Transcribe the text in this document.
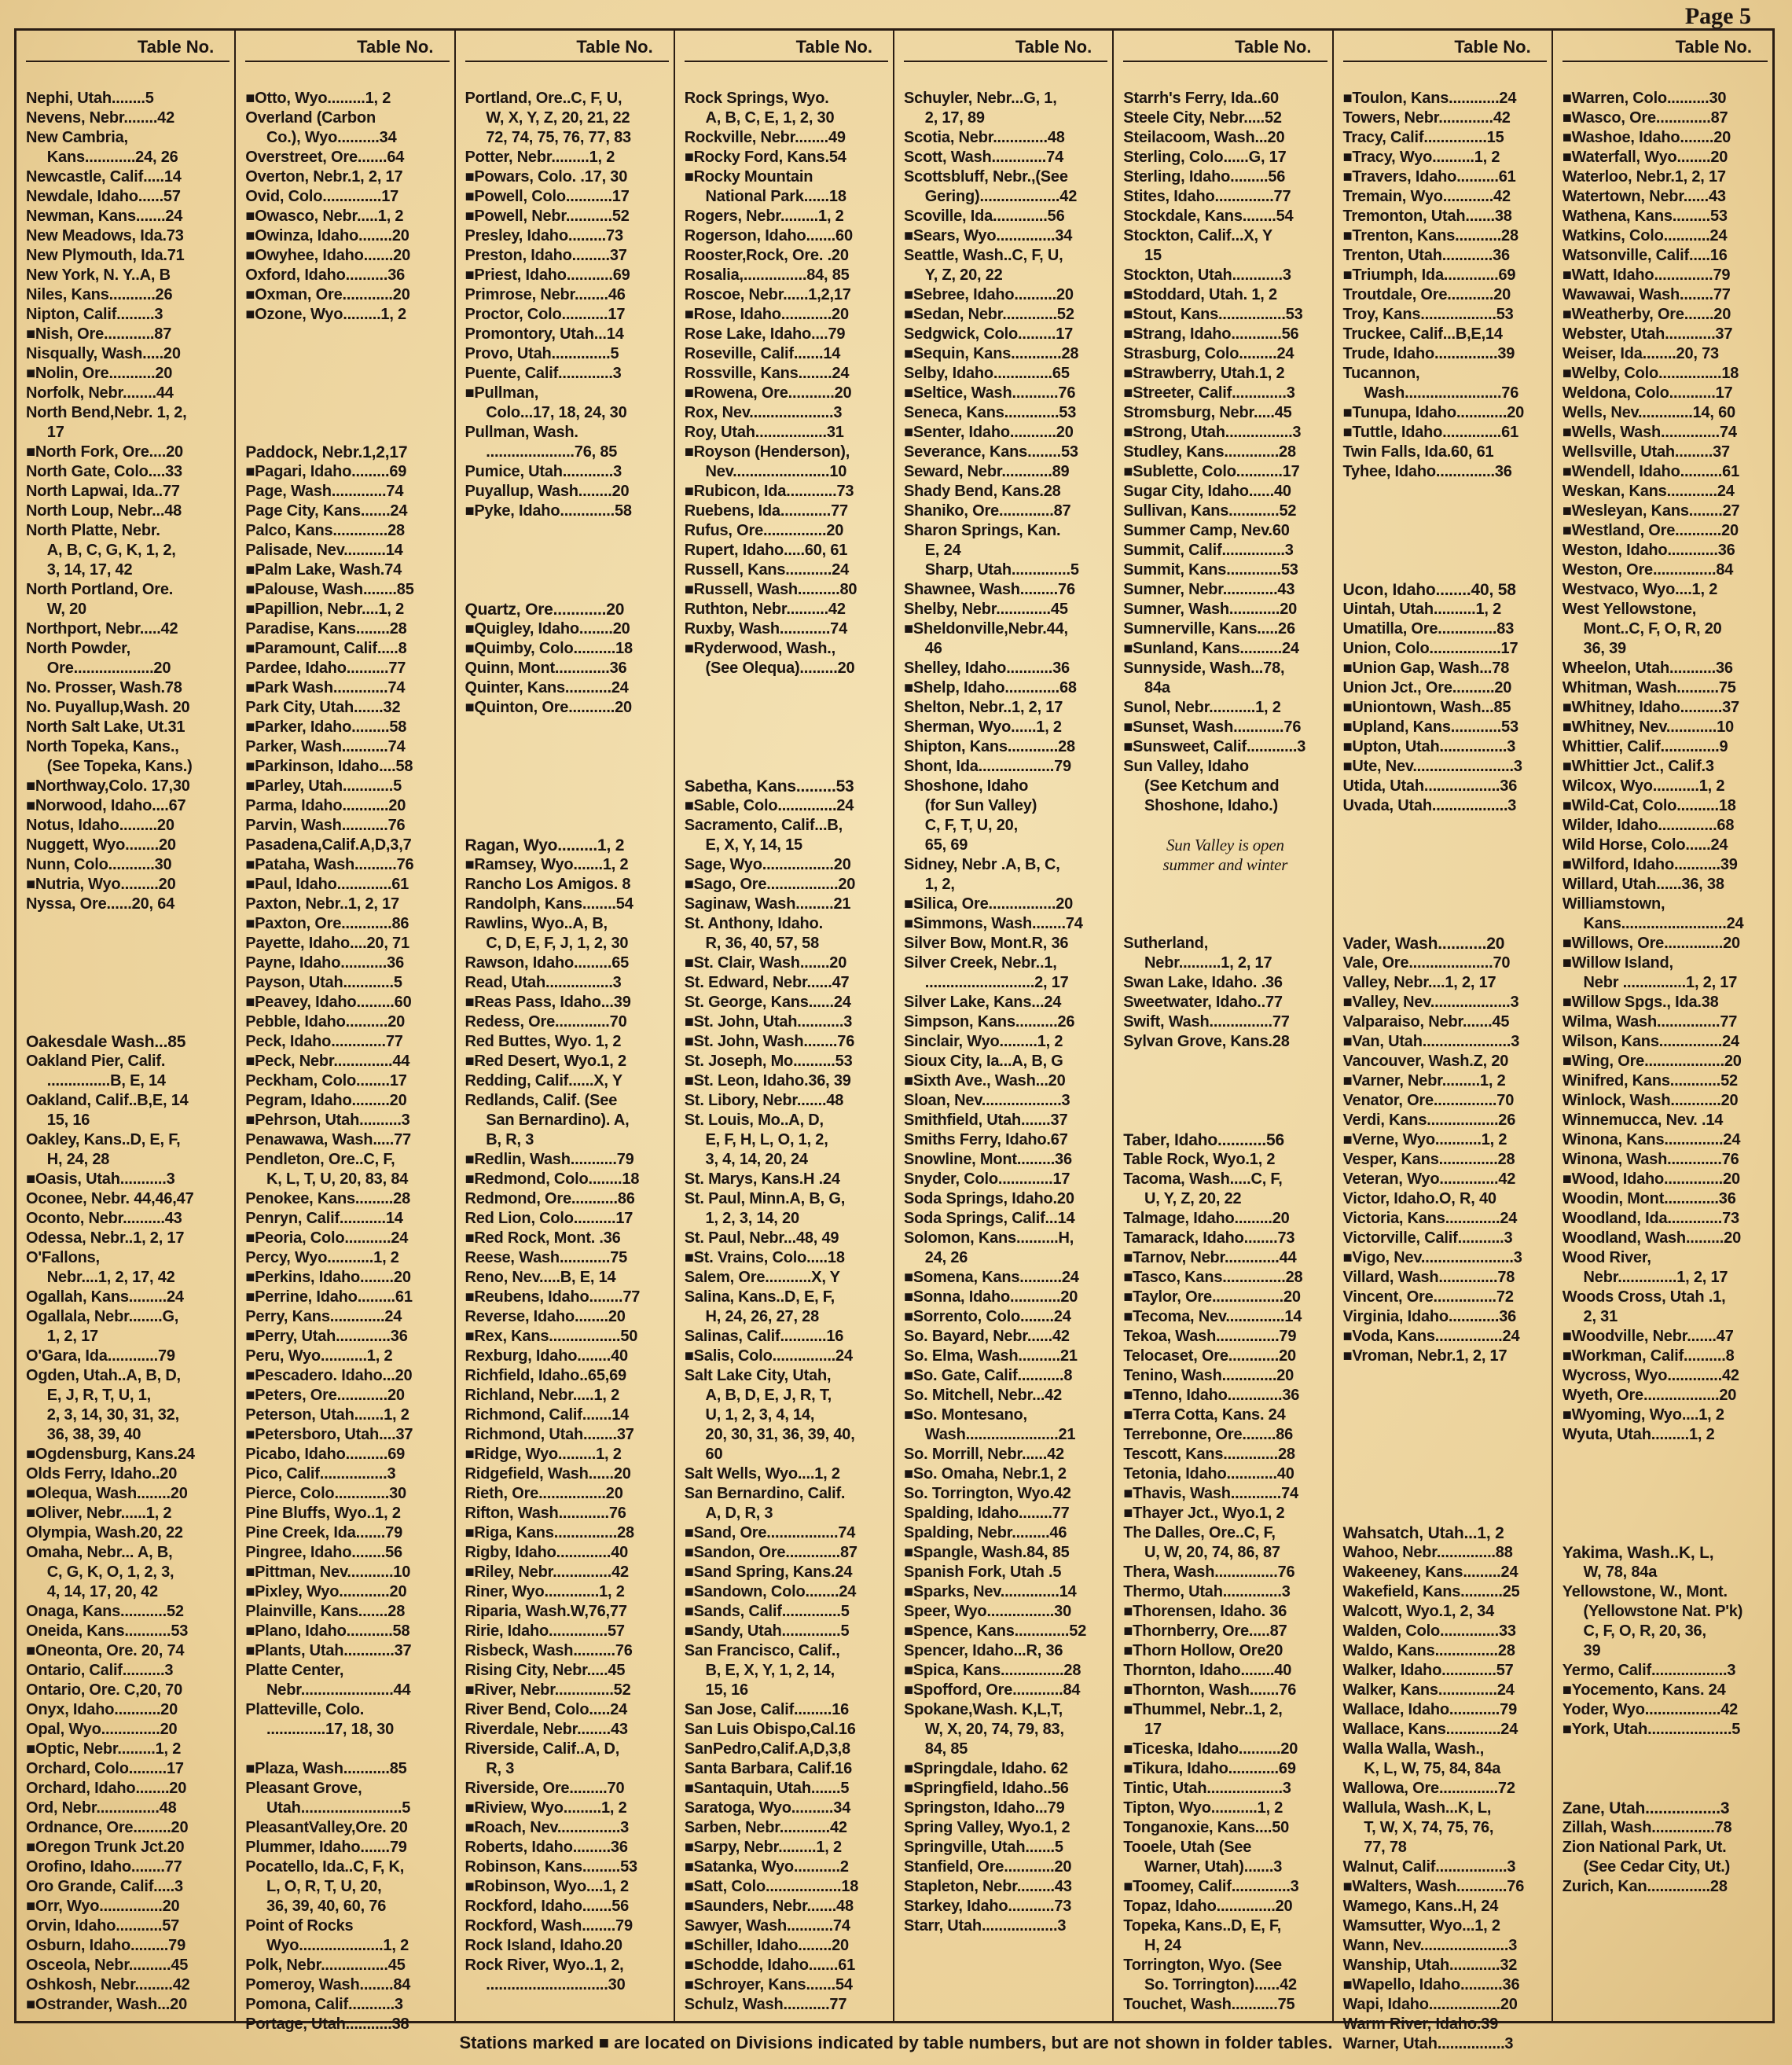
Page 5
Table No.
Nephi, Utah........5
Nevens, Nebr........42
New Cambria,
Kans............24, 26
Newcastle, Calif.....14
Newdale, Idaho......57
Newman, Kans.......24
New Meadows, Ida.73
New Plymouth, Ida.71
New York, N. Y..A, B
Niles, Kans...........26
Nipton, Calif.........3
■Nish, Ore............87
Nisqually, Wash.....20
■Nolin, Ore...........20
Norfolk, Nebr........44
North Bend,Nebr. 1, 2,
17
■North Fork, Ore....20
North Gate, Colo....33
North Lapwai, Ida..77
North Loup, Nebr...48
North Platte, Nebr.
A, B, C, G, K, 1, 2,
3, 14, 17, 42
North Portland, Ore.
W, 20
Northport, Nebr.....42
North Powder,
Ore...................20
No. Prosser, Wash.78
No. Puyallup,Wash. 20
North Salt Lake, Ut.31
North Topeka, Kans.,
(See Topeka, Kans.)
■Northway,Colo. 17,30
■Norwood, Idaho....67
Notus, Idaho.........20
Nuggett, Wyo........20
Nunn, Colo...........30
■Nutria, Wyo.........20
Nyssa, Ore......20, 64
Oakesdale Wash...85
Oakland Pier, Calif.
...............B, E, 14
Oakland, Calif..B,E, 14
15, 16
Oakley, Kans..D, E, F,
H, 24, 28
■Oasis, Utah...........3
Oconee, Nebr. 44,46,47
Oconto, Nebr..........43
Odessa, Nebr..1, 2, 17
O'Fallons,
Nebr....1, 2, 17, 42
Ogallah, Kans.........24
Ogallala, Nebr........G,
1, 2, 17
O'Gara, Ida............79
Ogden, Utah..A, B, D,
E, J, R, T, U, 1,
2, 3, 14, 30, 31, 32,
36, 38, 39, 40
■Ogdensburg, Kans.24
Olds Ferry, Idaho..20
■Olequa, Wash........20
■Oliver, Nebr......1, 2
Olympia, Wash.20, 22
Omaha, Nebr... A, B,
C, G, K, O, 1, 2, 3,
4, 14, 17, 20, 42
Onaga, Kans...........52
Oneida, Kans...........53
■Oneonta, Ore. 20, 74
Ontario, Calif..........3
Ontario, Ore. C,20, 70
Onyx, Idaho...........20
Opal, Wyo..............20
■Optic, Nebr.........1, 2
Orchard, Colo.........17
Orchard, Idaho........20
Ord, Nebr...............48
Ordnance, Ore.........20
■Oregon Trunk Jct.20
Orofino, Idaho........77
Oro Grande, Calif.....3
■Orr, Wyo...............20
Orvin, Idaho...........57
Osburn, Idaho.........79
Osceola, Nebr..........45
Oshkosh, Nebr.........42
■Ostrander, Wash...20
Table No.
■Otto, Wyo.........1, 2
Overland (Carbon
Co.), Wyo..........34
Overstreet, Ore.......64
Overton, Nebr.1, 2, 17
Ovid, Colo..............17
■Owasco, Nebr.....1, 2
■Owinza, Idaho........20
■Owyhee, Idaho.......20
Oxford, Idaho..........36
■Oxman, Ore............20
■Ozone, Wyo.........1, 2
Paddock, Nebr.1,2,17
■Pagari, Idaho.........69
Page, Wash.............74
Page City, Kans.......24
Palco, Kans.............28
Palisade, Nev..........14
■Palm Lake, Wash.74
■Palouse, Wash........85
■Papillion, Nebr....1, 2
Paradise, Kans........28
■Paramount, Calif.....8
Pardee, Idaho..........77
■Park Wash.............74
Park City, Utah.......32
■Parker, Idaho.........58
Parker, Wash...........74
■Parkinson, Idaho....58
■Parley, Utah............5
Parma, Idaho...........20
Parvin, Wash...........76
Pasadena,Calif.A,D,3,7
■Pataha, Wash..........76
■Paul, Idaho.............61
Paxton, Nebr..1, 2, 17
■Paxton, Ore............86
Payette, Idaho....20, 71
Payne, Idaho...........36
Payson, Utah............5
■Peavey, Idaho.........60
Pebble, Idaho..........20
Peck, Idaho.............77
■Peck, Nebr..............44
Peckham, Colo........17
Pegram, Idaho.........20
■Pehrson, Utah..........3
Penawawa, Wash.....77
Pendleton, Ore..C, F,
K, L, T, U, 20, 83, 84
Penokee, Kans.........28
Penryn, Calif...........14
■Peoria, Colo...........24
Percy, Wyo...........1, 2
■Perkins, Idaho........20
■Perrine, Idaho.........61
Perry, Kans.............24
■Perry, Utah.............36
Peru, Wyo...........1, 2
■Pescadero. Idaho...20
■Peters, Ore............20
Peterson, Utah.......1, 2
■Petersboro, Utah....37
Picabo, Idaho..........69
Pico, Calif................3
Pierce, Colo.............30
Pine Bluffs, Wyo..1, 2
Pine Creek, Ida.......79
Pingree, Idaho........56
■Pittman, Nev...........10
■Pixley, Wyo............20
Plainville, Kans.......28
■Plano, Idaho...........58
■Plants, Utah............37
Platte Center,
Nebr......................44
Platteville, Colo.
..............17, 18, 30
■Plaza, Wash...........85
Pleasant Grove,
Utah........................5
PleasantValley,Ore. 20
Plummer, Idaho.......79
Pocatello, Ida..C, F, K,
L, O, R, T, U, 20,
36, 39, 40, 60, 76
Point of Rocks
Wyo....................1, 2
Polk, Nebr................45
Pomeroy, Wash........84
Pomona, Calif...........3
Portage, Utah...........38
Table No.
Portland, Ore..C, F, U,
W, X, Y, Z, 20, 21, 22
72, 74, 75, 76, 77, 83
Potter, Nebr.........1, 2
■Powars, Colo. .17, 30
■Powell, Colo...........17
■Powell, Nebr...........52
Presley, Idaho.........73
Preston, Idaho.........37
■Priest, Idaho...........69
Primrose, Nebr........46
Proctor, Colo...........17
Promontory, Utah...14
Provo, Utah..............5
Puente, Calif.............3
■Pullman,
Colo...17, 18, 24, 30
Pullman, Wash.
.....................76, 85
Pumice, Utah............3
Puyallup, Wash........20
■Pyke, Idaho.............58
Quartz, Ore............20
■Quigley, Idaho........20
■Quimby, Colo..........18
Quinn, Mont.............36
Quinter, Kans...........24
■Quinton, Ore...........20
Ragan, Wyo.........1, 2
■Ramsey, Wyo.......1, 2
Rancho Los Amigos. 8
Randolph, Kans........54
Rawlins, Wyo..A, B,
C, D, E, F, J, 1, 2, 30
Rawson, Idaho.........65
Read, Utah................3
■Reas Pass, Idaho...39
Redess, Ore.............70
Red Buttes, Wyo. 1, 2
■Red Desert, Wyo.1, 2
Redding, Calif......X, Y
Redlands, Calif. (See
San Bernardino). A,
B, R, 3
■Redlin, Wash...........79
■Redmond, Colo........18
Redmond, Ore...........86
Red Lion, Colo..........17
■Red Rock, Mont. .36
Reese, Wash............75
Reno, Nev.....B, E, 14
■Reubens, Idaho........77
Reverse, Idaho........20
■Rex, Kans.................50
Rexburg, Idaho........40
Richfield, Idaho..65,69
Richland, Nebr.....1, 2
Richmond, Calif.......14
Richmond, Utah........37
■Ridge, Wyo.........1, 2
Ridgefield, Wash......20
Rieth, Ore................20
Rifton, Wash............76
■Riga, Kans...............28
Rigby, Idaho.............40
■Riley, Nebr..............42
Riner, Wyo.............1, 2
Riparia, Wash.W,76,77
Ririe, Idaho..............57
Risbeck, Wash..........76
Rising City, Nebr.....45
■River, Nebr..............52
River Bend, Colo.....24
Riverdale, Nebr........43
Riverside, Calif..A, D,
R, 3
Riverside, Ore.........70
■Riview, Wyo.........1, 2
■Roach, Nev...............3
Roberts, Idaho.........36
Robinson, Kans.........53
■Robinson, Wyo....1, 2
Rockford, Idaho.......56
Rockford, Wash........79
Rock Island, Idaho.20
Rock River, Wyo..1, 2,
.............................30
Table No.
Rock Springs, Wyo.
A, B, C, E, 1, 2, 30
Rockville, Nebr........49
■Rocky Ford, Kans.54
■Rocky Mountain
National Park......18
Rogers, Nebr.........1, 2
Rogerson, Idaho.......60
Rooster,Rock, Ore. .20
Rosalia,...............84, 85
Roscoe, Nebr......1,2,17
■Rose, Idaho............20
Rose Lake, Idaho....79
Roseville, Calif.......14
Rossville, Kans........24
■Rowena, Ore...........20
Rox, Nev....................3
Roy, Utah.................31
■Royson (Henderson),
Nev.......................10
■Rubicon, Ida............73
Ruebens, Ida............77
Rufus, Ore...............20
Rupert, Idaho.....60, 61
Russell, Kans...........24
■Russell, Wash..........80
Ruthton, Nebr..........42
Ruxby, Wash............74
■Ryderwood, Wash.,
(See Olequa).........20
Sabetha, Kans.........53
■Sable, Colo..............24
Sacramento, Calif...B,
E, X, Y, 14, 15
Sage, Wyo.................20
■Sago, Ore.................20
Saginaw, Wash.........21
St. Anthony, Idaho.
R, 36, 40, 57, 58
■St. Clair, Wash.......20
St. Edward, Nebr......47
St. George, Kans......24
■St. John, Utah...........3
■St. John, Wash........76
St. Joseph, Mo..........53
■St. Leon, Idaho.36, 39
St. Libory, Nebr.......48
St. Louis, Mo..A, D,
E, F, H, L, O, 1, 2,
3, 4, 14, 20, 24
St. Marys, Kans.H .24
St. Paul, Minn.A, B, G,
1, 2, 3, 14, 20
St. Paul, Nebr...48, 49
■St. Vrains, Colo.....18
Salem, Ore...........X, Y
Salina, Kans..D, E, F,
H, 24, 26, 27, 28
Salinas, Calif...........16
■Salis, Colo...............24
Salt Lake City, Utah,
A, B, D, E, J, R, T,
U, 1, 2, 3, 4, 14,
20, 30, 31, 36, 39, 40,
60
Salt Wells, Wyo....1, 2
San Bernardino, Calif.
A, D, R, 3
■Sand, Ore.................74
■Sandon, Ore.............87
■Sand Spring, Kans.24
■Sandown, Colo........24
■Sands, Calif..............5
■Sandy, Utah..............5
San Francisco, Calif.,
B, E, X, Y, 1, 2, 14,
15, 16
San Jose, Calif.........16
San Luis Obispo,Cal.16
SanPedro,Calif.A,D,3,8
Santa Barbara, Calif.16
■Santaquin, Utah.......5
Saratoga, Wyo..........34
Sarben, Nebr............42
■Sarpy, Nebr.........1, 2
■Satanka, Wyo...........2
■Satt, Colo..................18
■Saunders, Nebr.......48
Sawyer, Wash...........74
■Schiller, Idaho........20
■Schodde, Idaho.......61
■Schroyer, Kans.......54
Schulz, Wash...........77
Table No.
Schuyler, Nebr...G, 1,
2, 17, 89
Scotia, Nebr.............48
Scott, Wash.............74
Scottsbluff, Nebr.,(See
Gering)...................42
Scoville, Ida.............56
■Sears, Wyo..............34
Seattle, Wash..C, F, U,
Y, Z, 20, 22
■Sebree, Idaho..........20
■Sedan, Nebr.............52
Sedgwick, Colo.........17
■Sequin, Kans............28
Selby, Idaho..............65
■Seltice, Wash...........76
Seneca, Kans.............53
■Senter, Idaho...........20
Severance, Kans........53
Seward, Nebr............89
Shady Bend, Kans.28
Shaniko, Ore.............87
Sharon Springs, Kan.
E, 24
Sharp, Utah..............5
Shawnee, Wash.........76
Shelby, Nebr.............45
■Sheldonville,Nebr.44,
46
Shelley, Idaho...........36
■Shelp, Idaho.............68
Shelton, Nebr..1, 2, 17
Sherman, Wyo......1, 2
Shipton, Kans............28
Shont, Ida..................79
Shoshone, Idaho
(for Sun Valley)
C, F, T, U, 20,
65, 69
Sidney, Nebr .A, B, C,
1, 2,
■Silica, Ore................20
■Simmons, Wash........74
Silver Bow, Mont.R, 36
Silver Creek, Nebr..1,
..........................2, 17
Silver Lake, Kans...24
Simpson, Kans..........26
Sinclair, Wyo.........1, 2
Sioux City, Ia...A, B, G
■Sixth Ave., Wash...20
Sloan, Nev...................3
Smithfield, Utah.......37
Smiths Ferry, Idaho.67
Snowline, Mont.........36
Snyder, Colo.............17
Soda Springs, Idaho.20
Soda Springs, Calif...14
Solomon, Kans..........H,
24, 26
■Somena, Kans..........24
■Sonna, Idaho............20
■Sorrento, Colo........24
So. Bayard, Nebr......42
So. Elma, Wash..........21
■So. Gate, Calif...........8
So. Mitchell, Nebr...42
■So. Montesano,
Wash......................21
So. Morrill, Nebr......42
■So. Omaha, Nebr.1, 2
So. Torrington, Wyo.42
Spalding, Idaho........77
Spalding, Nebr.........46
■Spangle, Wash.84, 85
Spanish Fork, Utah .5
■Sparks, Nev..............14
Speer, Wyo................30
■Spence, Kans.............52
Spencer, Idaho...R, 36
■Spica, Kans...............28
■Spofford, Ore............84
Spokane,Wash. K,L,T,
W, X, 20, 74, 79, 83,
84, 85
■Springdale, Idaho. 62
■Springfield, Idaho..56
Springston, Idaho...79
Spring Valley, Wyo.1, 2
Springville, Utah.......5
Stanfield, Ore............20
Stapleton, Nebr.........43
Starkey, Idaho...........73
Starr, Utah..................3
Table No.
Starrh's Ferry, Ida..60
Steele City, Nebr.....52
Steilacoom, Wash...20
Sterling, Colo......G, 17
Sterling, Idaho.........56
Stites, Idaho..............77
Stockdale, Kans........54
Stockton, Calif...X, Y
15
Stockton, Utah............3
■Stoddard, Utah. 1, 2
■Stout, Kans................53
■Strang, Idaho............56
Strasburg, Colo.........24
■Strawberry, Utah.1, 2
■Streeter, Calif.............3
Stromsburg, Nebr.....45
■Strong, Utah................3
Studley, Kans.............28
■Sublette, Colo...........17
Sugar City, Idaho......40
Sullivan, Kans............52
Summer Camp, Nev.60
Summit, Calif...............3
Summit, Kans.............53
Sumner, Nebr.............43
Sumner, Wash............20
Sumnerville, Kans.....26
■Sunland, Kans..........24
Sunnyside, Wash...78,
84a
Sunol, Nebr...........1, 2
■Sunset, Wash............76
■Sunsweet, Calif............3
Sun Valley, Idaho
(See Ketchum and
Shoshone, Idaho.)
Sun Valley is open
summer and winter
Sutherland,
Nebr..........1, 2, 17
Swan Lake, Idaho. .36
Sweetwater, Idaho..77
Swift, Wash...............77
Sylvan Grove, Kans.28
Taber, Idaho...........56
Table Rock, Wyo.1, 2
Tacoma, Wash.....C, F,
U, Y, Z, 20, 22
Talmage, Idaho.........20
Tamarack, Idaho........73
■Tarnov, Nebr.............44
■Tasco, Kans...............28
■Taylor, Ore.................20
■Tecoma, Nev..............14
Tekoa, Wash...............79
Telocaset, Ore............20
Tenino, Wash.............20
■Tenno, Idaho.............36
■Terra Cotta, Kans. 24
Terrebonne, Ore........86
Tescott, Kans.............28
Tetonia, Idaho............40
■Thavis, Wash............74
■Thayer Jct., Wyo.1, 2
The Dalles, Ore..C, F,
U, W, 20, 74, 86, 87
Thera, Wash...............76
Thermo, Utah..............3
■Thorensen, Idaho. 36
■Thornberry, Ore.....87
■Thorn Hollow, Ore20
Thornton, Idaho........40
■Thornton, Wash.......76
■Thummel, Nebr..1, 2,
17
■Ticeska, Idaho..........20
■Tikura, Idaho............69
Tintic, Utah..................3
Tipton, Wyo...........1, 2
Tonganoxie, Kans....50
Tooele, Utah (See
Warner, Utah).......3
■Toomey, Calif..............3
Topaz, Idaho..............20
Topeka, Kans..D, E, F,
H, 24
Torrington, Wyo. (See
So. Torrington)......42
Touchet, Wash...........75
Table No.
■Toulon, Kans............24
Towers, Nebr.............42
Tracy, Calif...............15
■Tracy, Wyo..........1, 2
■Travers, Idaho..........61
Tremain, Wyo............42
Tremonton, Utah.......38
■Trenton, Kans...........28
Trenton, Utah............36
■Triumph, Ida.............69
Troutdale, Ore...........20
Troy, Kans..................53
Truckee, Calif...B,E,14
Trude, Idaho...............39
Tucannon,
Wash.......................76
■Tunupa, Idaho............20
■Tuttle, Idaho..............61
Twin Falls, Ida.60, 61
Tyhee, Idaho..............36
Ucon, Idaho........40, 58
Uintah, Utah..........1, 2
Umatilla, Ore..............83
Union, Colo.................17
■Union Gap, Wash...78
Union Jct., Ore..........20
■Uniontown, Wash...85
■Upland, Kans............53
■Upton, Utah................3
■Ute, Nev........................3
Utida, Utah..................36
Uvada, Utah..................3
Vader, Wash...........20
Vale, Ore....................70
Valley, Nebr....1, 2, 17
■Valley, Nev...................3
Valparaiso, Nebr.......45
■Van, Utah.....................3
Vancouver, Wash.Z, 20
■Varner, Nebr.........1, 2
Venator, Ore...............70
Verdi, Kans.................26
■Verne, Wyo...........1, 2
Vesper, Kans..............28
Veteran, Wyo..............42
Victor, Idaho.O, R, 40
Victoria, Kans.............24
Victorville, Calif...........3
■Vigo, Nev......................3
Villard, Wash..............78
Vincent, Ore...............72
Virginia, Idaho............36
■Voda, Kans................24
■Vroman, Nebr.1, 2, 17
Wahsatch, Utah...1, 2
Wahoo, Nebr..............88
Wakeeney, Kans.........24
Wakefield, Kans..........25
Walcott, Wyo.1, 2, 34
Walden, Colo..............33
Waldo, Kans...............28
Walker, Idaho.............57
Walker, Kans..............24
Wallace, Idaho............79
Wallace, Kans.............24
Walla Walla, Wash.,
K, L, W, 75, 84, 84a
Wallowa, Ore..............72
Wallula, Wash...K, L,
T, W, X, 74, 75, 76,
77, 78
Walnut, Calif.................3
■Walters, Wash............76
Wamego, Kans..H, 24
Wamsutter, Wyo...1, 2
Wann, Nev.....................3
Wanship, Utah............32
■Wapello, Idaho..........36
Wapi, Idaho.................20
Warm River, Idaho.39
Warner, Utah................3
Table No.
■Warren, Colo..........30
■Wasco, Ore.............87
■Washoe, Idaho........20
■Waterfall, Wyo........20
Waterloo, Nebr.1, 2, 17
Watertown, Nebr......43
Wathena, Kans.........53
Watkins, Colo...........24
Watsonville, Calif.....16
■Watt, Idaho..............79
Wawawai, Wash........77
■Weatherby, Ore.......20
Webster, Utah............37
Weiser, Ida........20, 73
■Welby, Colo...............18
Weldona, Colo...........17
Wells, Nev.............14, 60
■Wells, Wash..............74
Wellsville, Utah.........37
■Wendell, Idaho..........61
Weskan, Kans............24
■Wesleyan, Kans........27
■Westland, Ore...........20
Weston, Idaho............36
Weston, Ore...............84
Westvaco, Wyo....1, 2
West Yellowstone,
Mont..C, F, O, R, 20
36, 39
Wheelon, Utah...........36
Whitman, Wash..........75
■Whitney, Idaho..........37
■Whitney, Nev............10
Whittier, Calif..............9
■Whittier Jct., Calif.3
Wilcox, Wyo...........1, 2
■Wild-Cat, Colo..........18
Wilder, Idaho..............68
Wild Horse, Colo......24
■Wilford, Idaho...........39
Willard, Utah......36, 38
Williamstown,
Kans.........................24
■Willows, Ore..............20
■Willow Island,
Nebr ...............1, 2, 17
■Willow Spgs., Ida.38
Wilma, Wash...............77
Wilson, Kans...............24
■Wing, Ore...................20
Winifred, Kans............52
Winlock, Wash............20
Winnemucca, Nev. .14
Winona, Kans..............24
Winona, Wash.............76
■Wood, Idaho..............20
Woodin, Mont.............36
Woodland, Ida.............73
Woodland, Wash.........20
Wood River,
Nebr..............1, 2, 17
Woods Cross, Utah .1,
2, 31
■Woodville, Nebr.......47
■Workman, Calif..........8
Wycross, Wyo.............42
Wyeth, Ore..................20
■Wyoming, Wyo....1, 2
Wyuta, Utah.........1, 2
Yakima, Wash..K, L,
W, 78, 84a
Yellowstone, W., Mont.
(Yellowstone Nat. P'k)
C, F, O, R, 20, 36,
39
Yermo, Calif..................3
■Yocemento, Kans. 24
Yoder, Wyo..................42
■York, Utah....................5
Zane, Utah.................3
Zillah, Wash...............78
Zion National Park, Ut.
(See Cedar City, Ut.)
Zurich, Kan...............28
Stations marked ■ are located on Divisions indicated by table numbers, but are not shown in folder tables.
